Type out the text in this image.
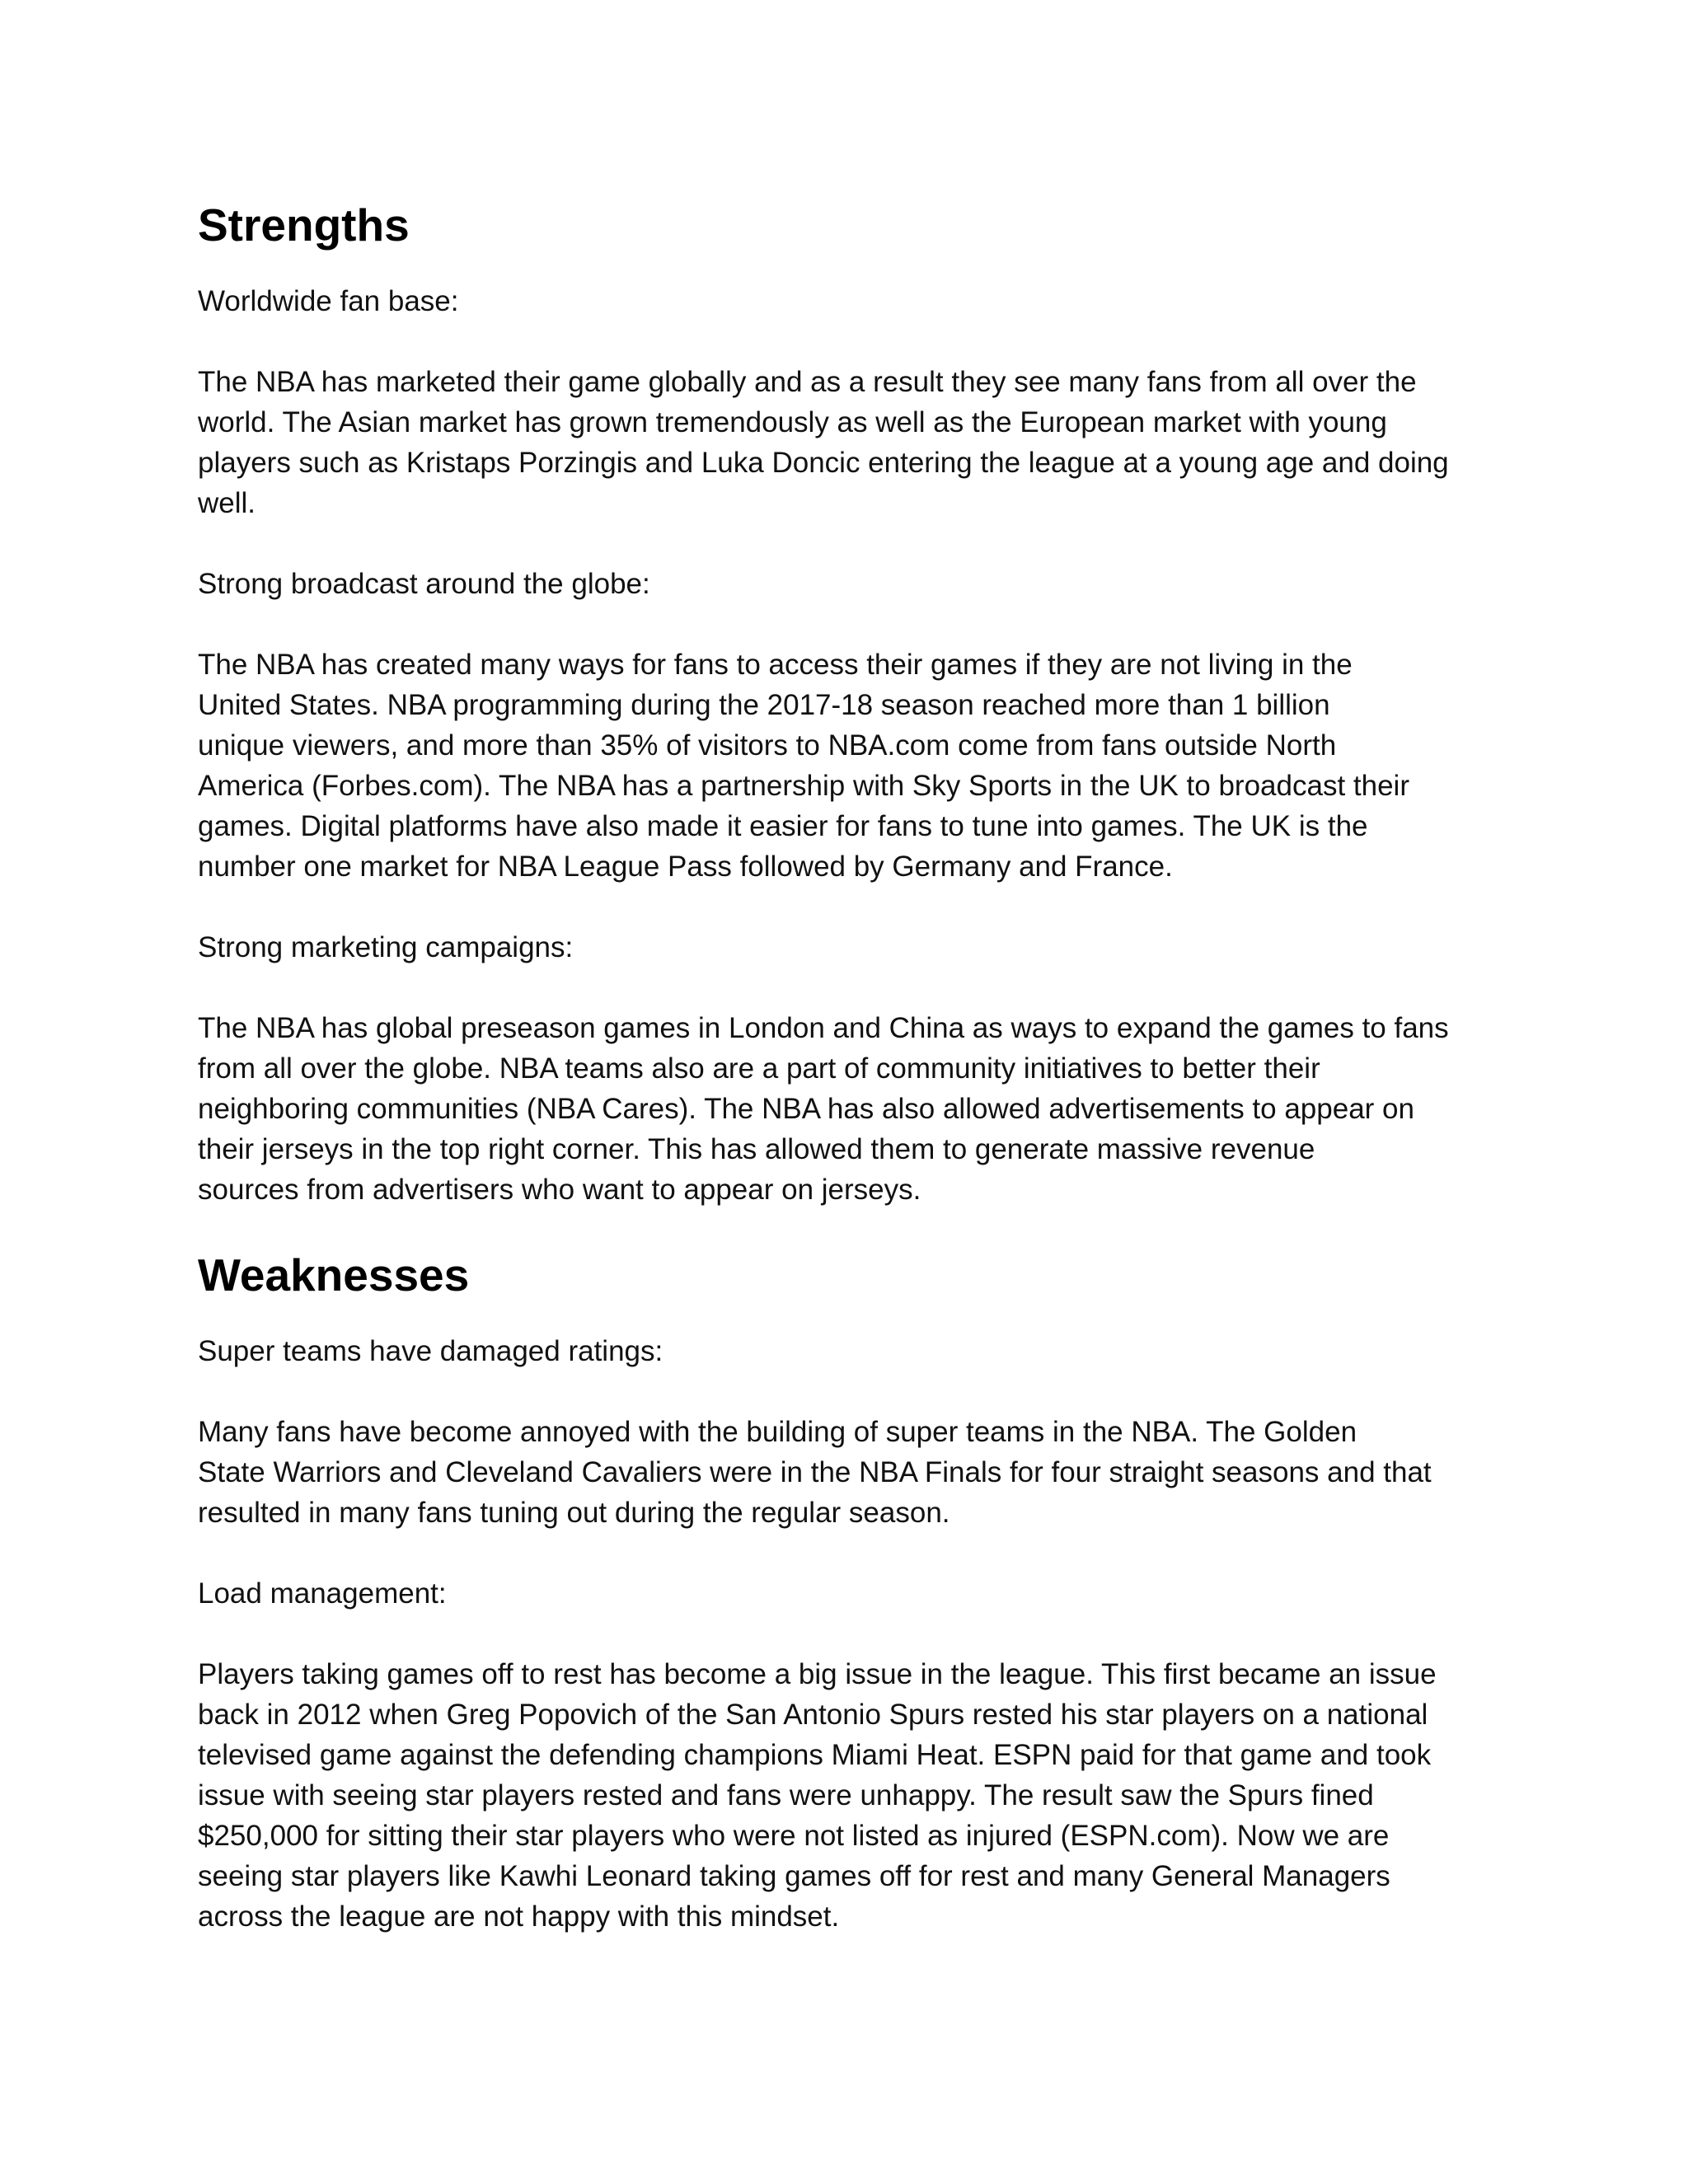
Strengths
Worldwide fan base:

The NBA has marketed their game globally and as a result they see many fans from all over the

world. The Asian market has grown tremendously as well as the European market with young

players such as Kristaps Porzingis and Luka Doncic entering the league at a young age and doing

well.

Strong broadcast around the globe:

The NBA has created many ways for fans to access their games if they are not living in the

United States. NBA programming during the 2017-18 season reached more than 1 billion

unique viewers, and more than 35% of visitors to NBA.com come from fans outside North

America (Forbes.com). The NBA has a partnership with Sky Sports in the UK to broadcast their

games. Digital platforms have also made it easier for fans to tune into games. The UK is the

number one market for NBA League Pass followed by Germany and France.

Strong marketing campaigns:

The NBA has global preseason games in London and China as ways to expand the games to fans

from all over the globe. NBA teams also are a part of community initiatives to better their

neighboring communities (NBA Cares). The NBA has also allowed advertisements to appear on

their jerseys in the top right corner. This has allowed them to generate massive revenue

sources from advertisers who want to appear on jerseys.

Weaknesses
Super teams have damaged ratings:

Many fans have become annoyed with the building of super teams in the NBA. The Golden

State Warriors and Cleveland Cavaliers were in the NBA Finals for four straight seasons and that

resulted in many fans tuning out during the regular season.

Load management:

Players taking games off to rest has become a big issue in the league. This first became an issue

back in 2012 when Greg Popovich of the San Antonio Spurs rested his star players on a national

televised game against the defending champions Miami Heat. ESPN paid for that game and took

issue with seeing star players rested and fans were unhappy. The result saw the Spurs fined

$250,000 for sitting their star players who were not listed as injured (ESPN.com). Now we are

seeing star players like Kawhi Leonard taking games off for rest and many General Managers

across the league are not happy with this mindset.
